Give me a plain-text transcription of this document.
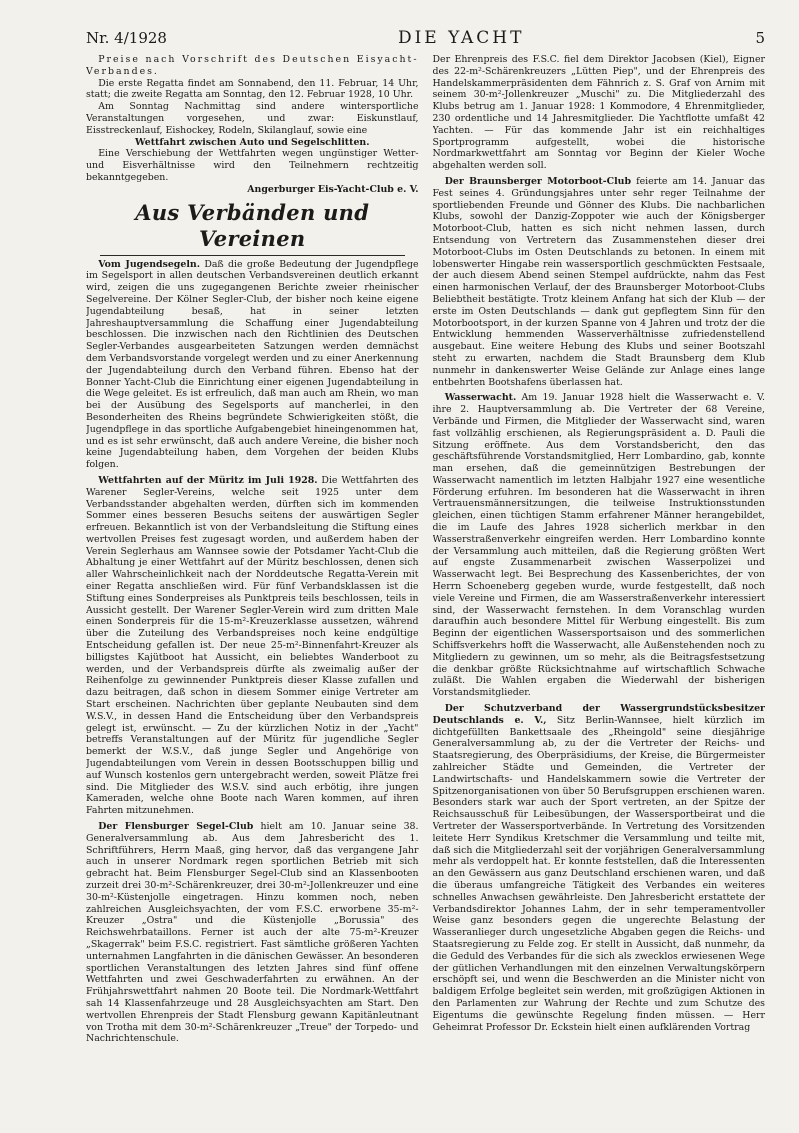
Nr. 4/1928	DIE YACHT	5

Preise nach Vorschrift des Deutschen Eisyacht-Verbandes.

Die erste Regatta findet am Sonnabend, den 11. Februar, 14 Uhr, statt; die zweite Regatta am Sonntag, den 12. Februar 1928, 10 Uhr.

Am Sonntag Nachmittag sind andere wintersportliche Veranstaltungen vorgesehen, und zwar: Eiskunstlauf, Eisstreckenlauf, Eishockey, Rodeln, Skilanglauf, sowie eine

Wettfahrt zwischen Auto und Segelschlitten.

Eine Verschiebung der Wettfahrten wegen ungünstiger Wetter- und Eisverhältnisse wird den Teilnehmern rechtzeitig bekanntgegeben.

Angerburger Eis-Yacht-Club e. V.

Aus Verbänden und Vereinen

Vom Jugendsegeln. Daß die große Bedeutung der Jugendpflege im Segelsport in allen deutschen Verbandsvereinen deutlich erkannt wird, zeigen die uns zugegangenen Berichte zweier rheinischer Segelvereine. Der Kölner Segler-Club, der bisher noch keine eigene Jugendabteilung besaß, hat in seiner letzten Jahreshauptversammlung die Schaffung einer Jugendabteilung beschlossen. Die inzwischen nach den Richtlinien des Deutschen Segler-Verbandes ausgearbeiteten Satzungen werden demnächst dem Verbandsvorstande vorgelegt werden und zu einer Anerkennung der Jugendabteilung durch den Verband führen. Ebenso hat der Bonner Yacht-Club die Einrichtung einer eigenen Jugendabteilung in die Wege geleitet. Es ist erfreulich, daß man auch am Rhein, wo man bei der Ausübung des Segelsports auf mancherlei, in den Besonderheiten des Rheins begründete Schwierigkeiten stößt, die Jugendpflege in das sportliche Aufgabengebiet hineingenommen hat, und es ist sehr erwünscht, daß auch andere Vereine, die bisher noch keine Jugendabteilung haben, dem Vorgehen der beiden Klubs folgen.

Wettfahrten auf der Müritz im Juli 1928. Die Wettfahrten des Warener Segler-Vereins, welche seit 1925 unter dem Verbandsstander abgehalten werden, dürften sich im kommenden Sommer eines besseren Besuchs seitens der auswärtigen Segler erfreuen. Bekanntlich ist von der Verbandsleitung die Stiftung eines wertvollen Preises fest zugesagt worden, und außerdem haben der Verein Seglerhaus am Wannsee sowie der Potsdamer Yacht-Club die Abhaltung je einer Wettfahrt auf der Müritz beschlossen, denen sich aller Wahrscheinlichkeit nach der Norddeutsche Regatta-Verein mit einer Regatta anschließen wird. Für fünf Verbandsklassen ist die Stiftung eines Sonderpreises als Punktpreis teils beschlossen, teils in Aussicht gestellt. Der Warener Segler-Verein wird zum dritten Male einen Sonderpreis für die 15-m²-Kreuzerklasse aussetzen, während über die Zuteilung des Verbandspreises noch keine endgültige Entscheidung gefallen ist. Der neue 25-m²-Binnenfahrt-Kreuzer als billigstes Kajütboot hat Aussicht, ein beliebtes Wanderboot zu werden, und der Verbandspreis dürfte als zweimalig außer der Reihenfolge zu gewinnender Punktpreis dieser Klasse zufallen und dazu beitragen, daß schon in diesem Sommer einige Vertreter am Start erscheinen. Nachrichten über geplante Neubauten sind dem W.S.V., in dessen Hand die Entscheidung über den Verbandspreis gelegt ist, erwünscht. — Zu der kürzlichen Notiz in der „Yacht" betreffs Veranstaltungen auf der Müritz für jugendliche Segler bemerkt der W.S.V., daß junge Segler und Angehörige von Jugendabteilungen vom Verein in dessen Bootsschuppen billig und auf Wunsch kostenlos gern untergebracht werden, soweit Plätze frei sind. Die Mitglieder des W.S.V. sind auch erbötig, ihre jungen Kameraden, welche ohne Boote nach Waren kommen, auf ihren Fahrten mitzunehmen.

Der Flensburger Segel-Club hielt am 10. Januar seine 38. Generalversammlung ab. Aus dem Jahresbericht des 1. Schriftführers, Herrn Maaß, ging hervor, daß das vergangene Jahr auch in unserer Nordmark regen sportlichen Betrieb mit sich gebracht hat. Beim Flensburger Segel-Club sind an Klassenbooten zurzeit drei 30-m²-Schärenkreuzer, drei 30-m²-Jollenkreuzer und eine 30-m²-Küstenjolle eingetragen. Hinzu kommen noch, neben zahlreichen Ausgleichsyachten, der vom F.S.C. erworbene 35-m²-Kreuzer „Ostra" und die Küstenjolle „Borussia" des Reichswehrbataillons. Ferner ist auch der alte 75-m²-Kreuzer „Skagerrak" beim F.S.C. registriert. Fast sämtliche größeren Yachten unternahmen Langfahrten in die dänischen Gewässer. An besonderen sportlichen Veranstaltungen des letzten Jahres sind fünf offene Wettfahrten und zwei Geschwaderfahrten zu erwähnen. An der Frühjahrswettfahrt nahmen 20 Boote teil. Die Nordmark-Wettfahrt sah 14 Klassenfahrzeuge und 28 Ausgleichsyachten am Start. Den wertvollen Ehrenpreis der Stadt Flensburg gewann Kapitänleutnant von Trotha mit dem 30-m²-Schärenkreuzer „Treue" der Torpedo- und Nachrichtenschule.

Der Ehrenpreis des F.S.C. fiel dem Direktor Jacobsen (Kiel), Eigner des 22-m²-Schärenkreuzers „Lütten Piep", und der Ehrenpreis des Handelskammerpräsidenten dem Fähnrich z. S. Graf von Arnim mit seinem 30-m²-Jollenkreuzer „Muschi" zu. Die Mitgliederzahl des Klubs betrug am 1. Januar 1928: 1 Kommodore, 4 Ehrenmitglieder, 230 ordentliche und 14 Jahresmitglieder. Die Yachtflotte umfaßt 42 Yachten. — Für das kommende Jahr ist ein reichhaltiges Sportprogramm aufgestellt, wobei die historische Nordmarkwettfahrt am Sonntag vor Beginn der Kieler Woche abgehalten werden soll.

Der Braunsberger Motorboot-Club feierte am 14. Januar das Fest seines 4. Gründungsjahres unter sehr reger Teilnahme der sportliebenden Freunde und Gönner des Klubs. Die nachbarlichen Klubs, sowohl der Danzig-Zoppoter wie auch der Königsberger Motorboot-Club, hatten es sich nicht nehmen lassen, durch Entsendung von Vertretern das Zusammenstehen dieser drei Motorboot-Clubs im Osten Deutschlands zu betonen. In einem mit lobenswerter Hingabe rein wassersportlich geschmückten Festsaale, der auch diesem Abend seinen Stempel aufdrückte, nahm das Fest einen harmonischen Verlauf, der des Braunsberger Motorboot-Clubs Beliebtheit bestätigte. Trotz kleinem Anfang hat sich der Klub — der erste im Osten Deutschlands — dank gut gepflegtem Sinn für den Motorbootsport, in der kurzen Spanne von 4 Jahren und trotz der die Entwicklung hemmenden Wasserverhältnisse zufriedenstellend ausgebaut. Eine weitere Hebung des Klubs und seiner Bootszahl steht zu erwarten, nachdem die Stadt Braunsberg dem Klub nunmehr in dankenswerter Weise Gelände zur Anlage eines lange entbehrten Bootshafens überlassen hat.

Wasserwacht. Am 19. Januar 1928 hielt die Wasserwacht e. V. ihre 2. Hauptversammlung ab. Die Vertreter der 68 Vereine, Verbände und Firmen, die Mitglieder der Wasserwacht sind, waren fast vollzählig erschienen, als Regierungspräsident a. D. Pauli die Sitzung eröffnete. Aus dem Vorstandsbericht, den das geschäftsführende Vorstandsmitglied, Herr Lombardino, gab, konnte man ersehen, daß die gemeinnützigen Bestrebungen der Wasserwacht namentlich im letzten Halbjahr 1927 eine wesentliche Förderung erfuhren. Im besonderen hat die Wasserwacht in ihren Vertrauensmännersitzungen, die teilweise Instruktionsstunden gleichen, einen tüchtigen Stamm erfahrener Männer herangebildet, die im Laufe des Jahres 1928 sicherlich merkbar in den Wasserstraßenverkehr eingreifen werden. Herr Lombardino konnte der Versammlung auch mitteilen, daß die Regierung größten Wert auf engste Zusammenarbeit zwischen Wasserpolizei und Wasserwacht legt. Bei Besprechung des Kassenberichtes, der von Herrn Schoeneberg gegeben wurde, wurde festgestellt, daß noch viele Vereine und Firmen, die am Wasserstraßenverkehr interessiert sind, der Wasserwacht fernstehen. In dem Voranschlag wurden daraufhin auch besondere Mittel für Werbung eingestellt. Bis zum Beginn der eigentlichen Wassersportsaison und des sommerlichen Schiffsverkehrs hofft die Wasserwacht, alle Außenstehenden noch zu Mitgliedern zu gewinnen, um so mehr, als die Beitragsfestsetzung die denkbar größte Rücksichtnahme auf wirtschaftlich Schwache zuläßt. Die Wahlen ergaben die Wiederwahl der bisherigen Vorstandsmitglieder.

Der Schutzverband der Wassergrundstücksbesitzer Deutschlands e. V., Sitz Berlin-Wannsee, hielt kürzlich im dichtgefüllten Bankettsaale des „Rheingold" seine diesjährige Generalversammlung ab, zu der die Vertreter der Reichs- und Staatsregierung, des Oberpräsidiums, der Kreise, die Bürgermeister zahlreicher Städte und Gemeinden, die Vertreter der Landwirtschafts- und Handelskammern sowie die Vertreter der Spitzenorganisationen von über 50 Berufsgruppen erschienen waren. Besonders stark war auch der Sport vertreten, an der Spitze der Reichsausschuß für Leibesübungen, der Wassersportbeirat und die Vertreter der Wassersportverbände. In Vertretung des Vorsitzenden leitete Herr Syndikus Kretschmer die Versammlung und teilte mit, daß sich die Mitgliederzahl seit der vorjährigen Generalversammlung mehr als verdoppelt hat. Er konnte feststellen, daß die Interessenten an den Gewässern aus ganz Deutschland erschienen waren, und daß die überaus umfangreiche Tätigkeit des Verbandes ein weiteres schnelles Anwachsen gewährleiste. Den Jahresbericht erstattete der Verbandsdirektor Johannes Lahm, der in sehr temperamentvoller Weise ganz besonders gegen die ungerechte Belastung der Wasseranlieger durch ungesetzliche Abgaben gegen die Reichs- und Staatsregierung zu Felde zog. Er stellt in Aussicht, daß nunmehr, da die Geduld des Verbandes für die sich als zwecklos erwiesenen Wege der gütlichen Verhandlungen mit den einzelnen Verwaltungskörpern erschöpft sei, und wenn die Beschwerden an die Minister nicht von baldigem Erfolge begleitet sein werden, mit großzügigen Aktionen in den Parlamenten zur Wahrung der Rechte und zum Schutze des Eigentums die gewünschte Regelung finden müssen. — Herr Geheimrat Professor Dr. Eckstein hielt einen aufklärenden Vortrag
